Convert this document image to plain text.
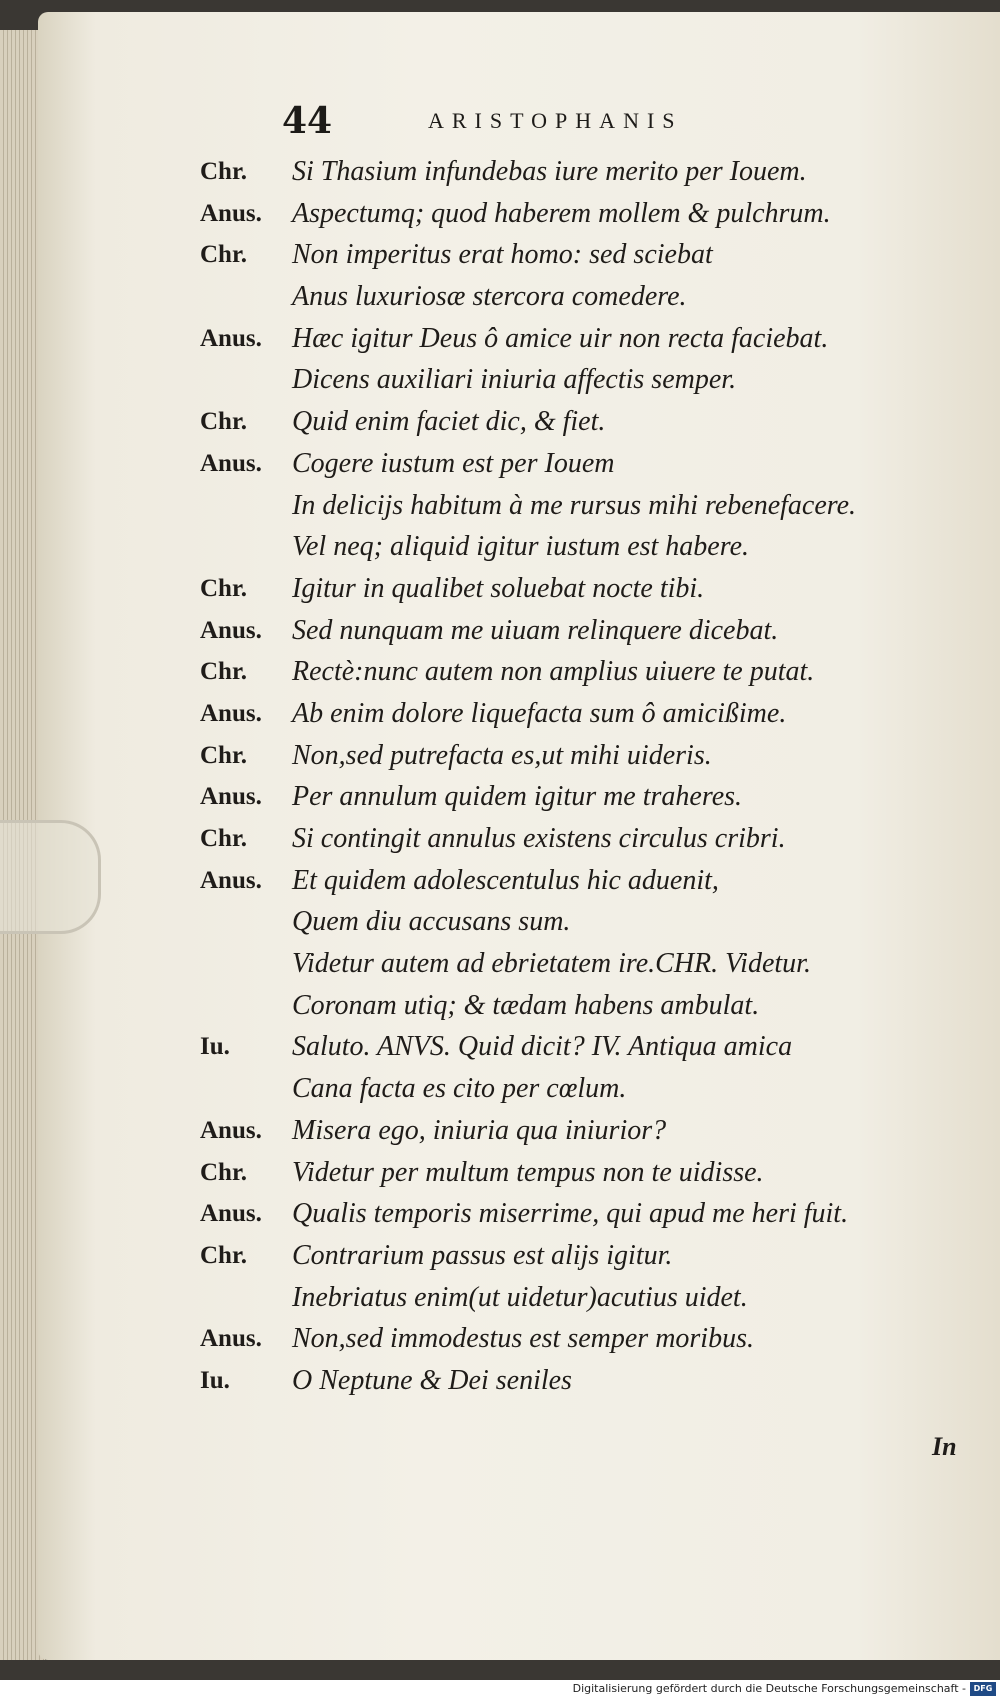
44	ARISTOPHANIS
Chr. Si Thasium infundebas iure merito per Iouem.
Anus. Aspectumq; quod haberem mollem & pulchrum.
Chr. Non imperitus erat homo: sed sciebat
Anus luxuriosæ stercora comedere.
Anus. Hæc igitur Deus ô amice uir non recta faciebat.
Dicens auxiliari iniuria affectis semper.
Chr. Quid enim faciet dic, & fiet.
Anus. Cogere iustum est per Iouem
In delicijs habitum à me rursus mihi rebenefacere.
Vel neq; aliquid igitur iustum est habere.
Chr. Igitur in qualibet soluebat nocte tibi.
Anus. Sed nunquam me uiuam relinquere dicebat.
Chr. Rectè:nunc autem non amplius uiuere te putat.
Anus. Ab enim dolore liquefacta sum ô amicißime.
Chr. Non,sed putrefacta es,ut mihi uideris.
Anus. Per annulum quidem igitur me traheres.
Chr. Si contingit annulus existens circulus cribri.
Anus. Et quidem adolescentulus hic aduenit,
Quem diu accusans sum.
Videtur autem ad ebrietatem ire.CHR. Videtur.
Coronam utiq; & tædam habens ambulat.
Iu. Saluto. ANVS. Quid dicit? IV. Antiqua amica
Cana facta es cito per cœlum.
Anus. Misera ego, iniuria qua iniurior?
Chr. Videtur per multum tempus non te uidisse.
Anus. Qualis temporis miserrime, qui apud me heri fuit.
Chr. Contrarium passus est alijs igitur.
Inebriatus enim(ut uidetur)acutius uidet.
Anus. Non,sed immodestus est semper moribus.
Iu. O Neptune & Dei seniles
In
Digitalisierung gefördert durch die Deutsche Forschungsgemeinschaft - DFG
